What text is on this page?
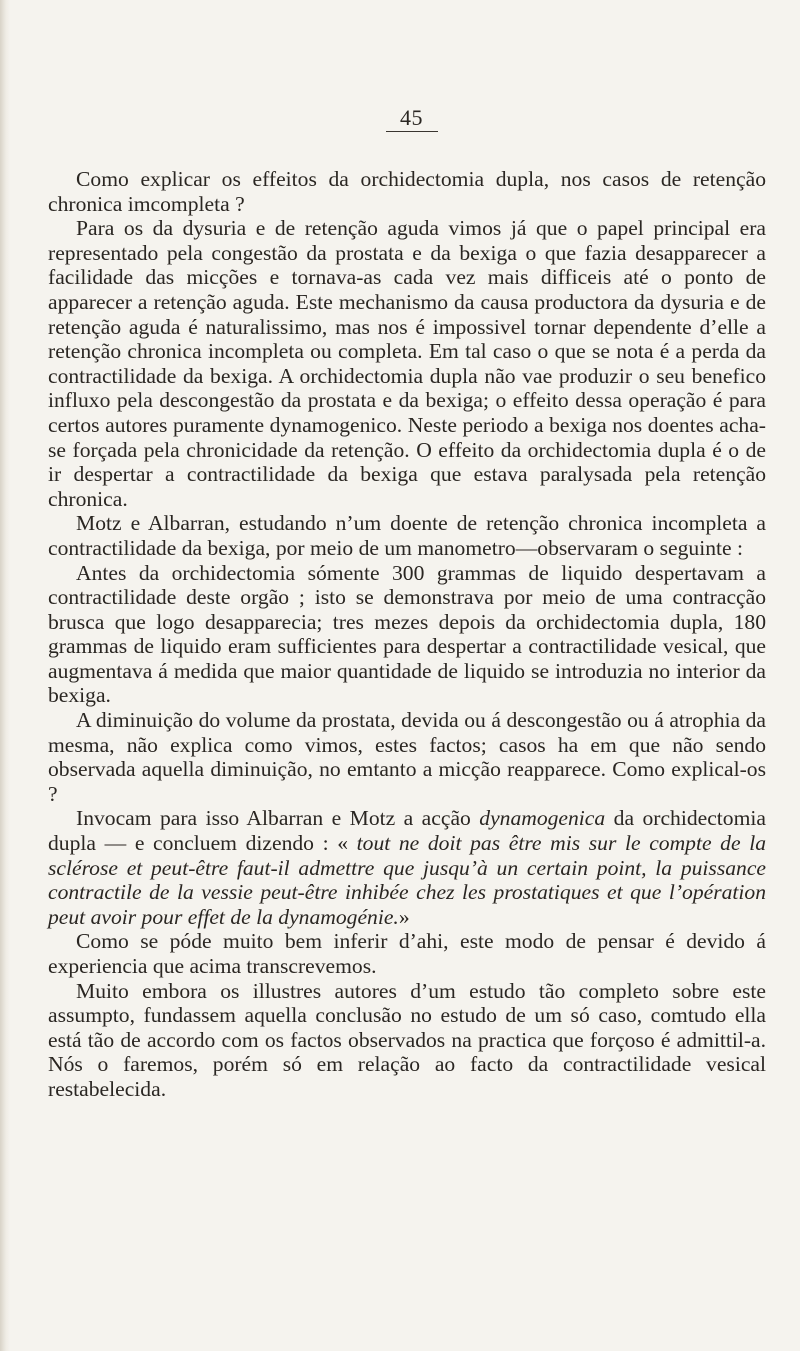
45

Como explicar os effeitos da orchidectomia dupla, nos casos de retenção chronica imcompleta ?

Para os da dysuria e de retenção aguda vimos já que o papel principal era representado pela congestão da prostata e da bexiga o que fazia desapparecer a facilidade das micções e tornava-as cada vez mais difficeis até o ponto de apparecer a retenção aguda. Este mechanismo da causa productora da dysuria e de retenção aguda é naturalissimo, mas nos é impossivel tornar dependente d’elle a retenção chronica incompleta ou completa. Em tal caso o que se nota é a perda da contractilidade da bexiga. A orchidectomia dupla não vae produzir o seu benefico influxo pela descongestão da prostata e da bexiga; o effeito dessa operação é para certos autores puramente dynamogenico. Neste periodo a bexiga nos doentes acha-se forçada pela chronicidade da retenção. O effeito da orchidectomia dupla é o de ir despertar a contractilidade da bexiga que estava paralysada pela retenção chronica.

Motz e Albarran, estudando n’um doente de retenção chronica incompleta a contractilidade da bexiga, por meio de um manometro—observaram o seguinte :

Antes da orchidectomia sómente 300 grammas de liquido despertavam a contractilidade deste orgão ; isto se demonstrava por meio de uma contracção brusca que logo desapparecia; tres mezes depois da orchidectomia dupla, 180 grammas de liquido eram sufficientes para despertar a contractilidade vesical, que augmentava á medida que maior quantidade de liquido se introduzia no interior da bexiga.

A diminuição do volume da prostata, devida ou á descongestão ou á atrophia da mesma, não explica como vimos, estes factos; casos ha em que não sendo observada aquella diminuição, no emtanto a micção reapparece. Como explical-os ?

Invocam para isso Albarran e Motz a acção dynamogenica da orchidectomia dupla — e concluem dizendo : « tout ne doit pas être mis sur le compte de la sclérose et peut-être faut-il admettre que jusqu’à un certain point, la puissance contractile de la vessie peut-être inhibée chez les prostatiques et que l’opération peut avoir pour effet de la dynamogénie.»

Como se póde muito bem inferir d’ahi, este modo de pensar é devido á experiencia que acima transcrevemos.

Muito embora os illustres autores d’um estudo tão completo sobre este assumpto, fundassem aquella conclusão no estudo de um só caso, comtudo ella está tão de accordo com os factos observados na practica que forçoso é admittil-a. Nós o faremos, porém só em relação ao facto da contractilidade vesical restabelecida.
